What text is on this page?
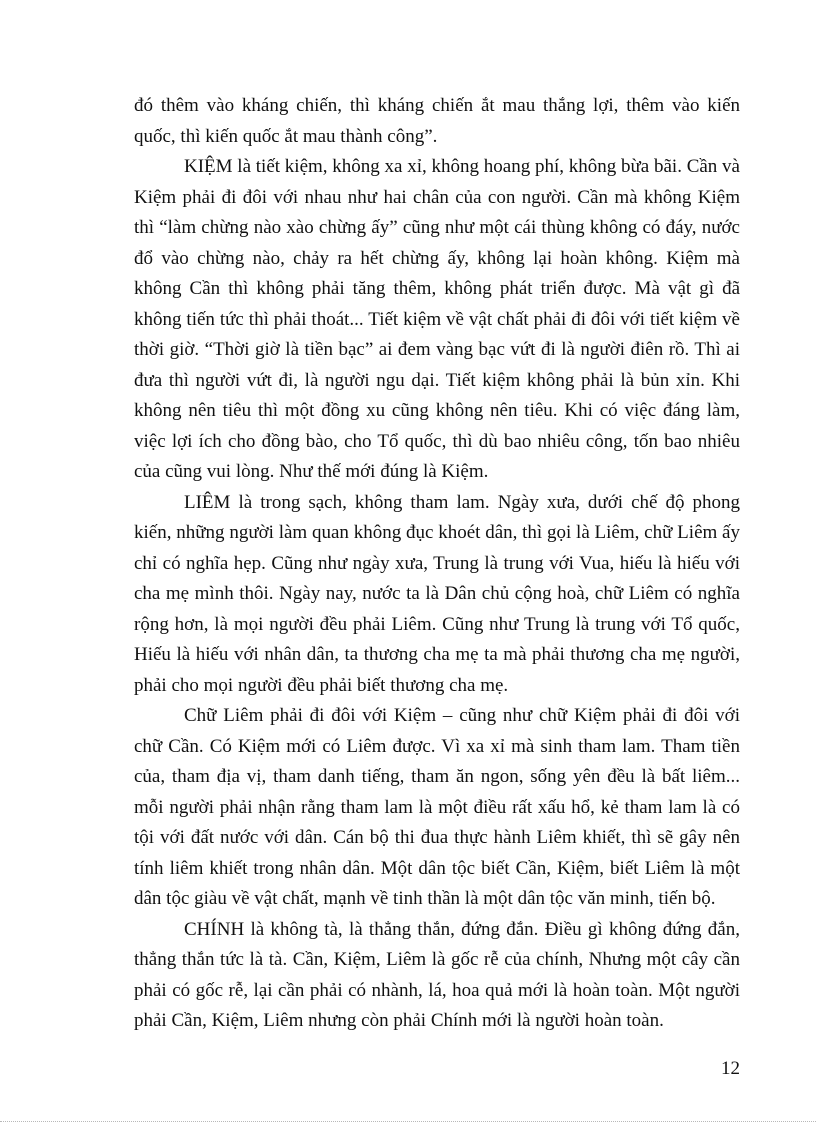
đó thêm vào kháng chiến, thì kháng chiến ắt mau thắng lợi, thêm vào kiến quốc, thì kiến quốc ắt mau thành công”.

KIỆM là tiết kiệm, không xa xỉ, không hoang phí, không bừa bãi. Cần và Kiệm phải đi đôi với nhau như hai chân của con người. Cần mà không Kiệm thì “làm chừng nào xào chừng ấy” cũng như một cái thùng không có đáy, nước đổ vào chừng nào, chảy ra hết chừng ấy, không lại hoàn không. Kiệm mà không Cần thì không phải tăng thêm, không phát triển được. Mà vật gì đã không tiến tức thì phải thoát... Tiết kiệm về vật chất phải đi đôi với tiết kiệm về thời giờ. “Thời giờ là tiền bạc” ai đem vàng bạc vứt đi là người điên rồ. Thì ai đưa thì người vứt đi, là người ngu dại. Tiết kiệm không phải là bủn xỉn. Khi không nên tiêu thì một đồng xu cũng không nên tiêu. Khi có việc đáng làm, việc lợi ích cho đồng bào, cho Tổ quốc, thì dù bao nhiêu công, tốn bao nhiêu của cũng vui lòng. Như thế mới đúng là Kiệm.

LIÊM là trong sạch, không tham lam. Ngày xưa, dưới chế độ phong kiến, những người làm quan không đục khoét dân, thì gọi là Liêm, chữ Liêm ấy chỉ có nghĩa hẹp. Cũng như ngày xưa, Trung là trung với Vua, hiếu là hiếu với cha mẹ mình thôi. Ngày nay, nước ta là Dân chủ cộng hoà, chữ Liêm có nghĩa rộng hơn, là mọi người đều phải Liêm. Cũng như Trung là trung với Tổ quốc, Hiếu là hiếu với nhân dân, ta thương cha mẹ ta mà phải thương cha mẹ người, phải cho mọi người đều phải biết thương cha mẹ.

Chữ Liêm phải đi đôi với Kiệm – cũng như chữ Kiệm phải đi đôi với chữ Cần. Có Kiệm mới có Liêm được. Vì xa xỉ mà sinh tham lam. Tham tiền của, tham địa vị, tham danh tiếng, tham ăn ngon, sống yên đều là bất liêm... mỗi người phải nhận rằng tham lam là một điều rất xấu hổ, kẻ tham lam là có tội với đất nước với dân. Cán bộ thi đua thực hành Liêm khiết, thì sẽ gây nên tính liêm khiết trong nhân dân. Một dân tộc biết Cần, Kiệm, biết Liêm là một dân tộc giàu về vật chất, mạnh về tinh thần là một dân tộc văn minh, tiến bộ.

CHÍNH là không tà, là thẳng thắn, đứng đắn. Điều gì không đứng đắn, thẳng thắn tức là tà. Cần, Kiệm, Liêm là gốc rễ của chính, Nhưng một cây cần phải có gốc rễ, lại cần phải có nhành, lá, hoa quả mới là hoàn toàn. Một người phải Cần, Kiệm, Liêm nhưng còn phải Chính mới là người hoàn toàn.

12
